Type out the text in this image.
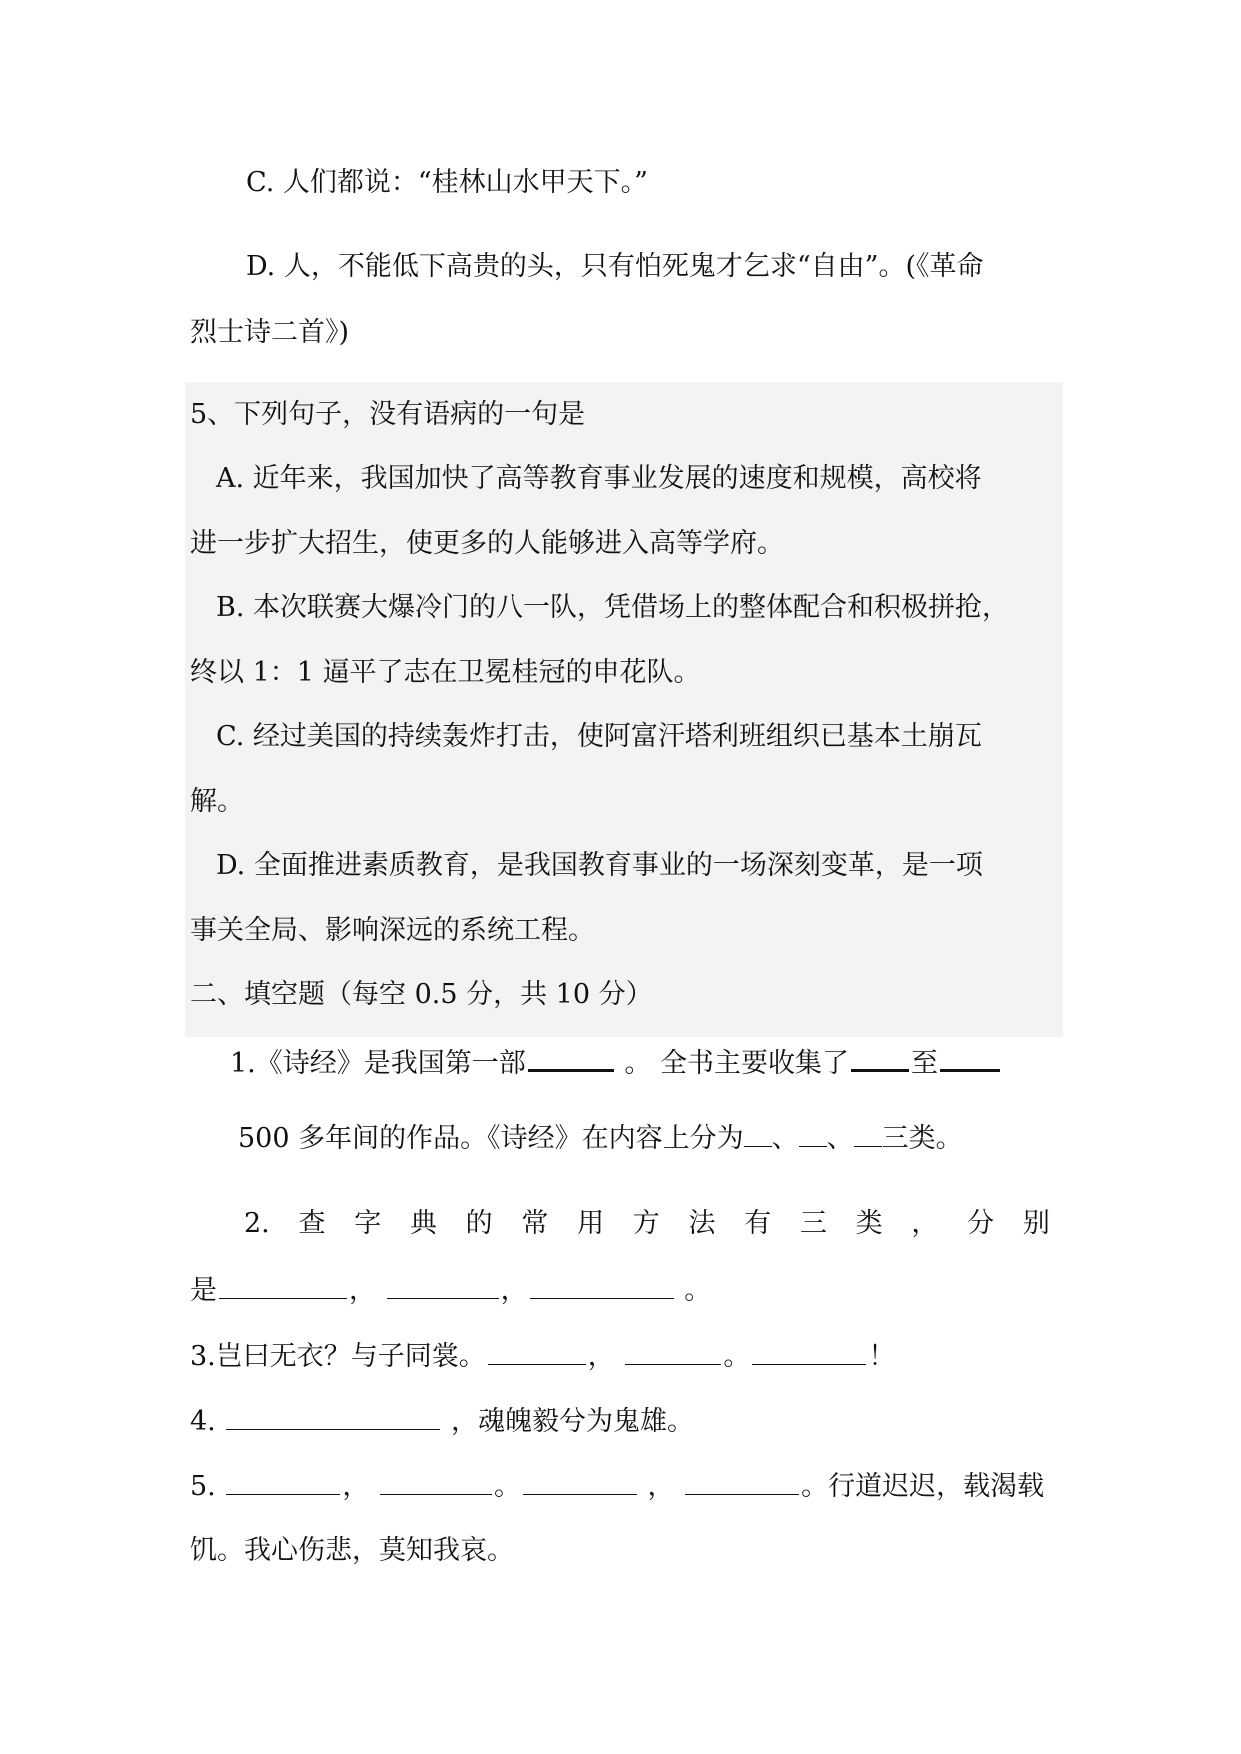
C. 人们都说：“桂林山水甲天下。”
D. 人，不能低下高贵的头，只有怕死鬼才乞求“自由”。(《革命
烈士诗二首》)
5、下列句子，没有语病的一句是
A. 近年来，我国加快了高等教育事业发展的速度和规模，高校将
进一步扩大招生，使更多的人能够进入高等学府。
B. 本次联赛大爆冷门的八一队，凭借场上的整体配合和积极拼抢，
终以 1：1 逼平了志在卫冕桂冠的申花队。
C. 经过美国的持续轰炸打击，使阿富汗塔利班组织已基本土崩瓦
解。
D. 全面推进素质教育，是我国教育事业的一场深刻变革，是一项
事关全局、影响深远的系统工程。
二、填空题（每空 0.5 分，共 10 分）
1.《诗经》是我国第一部	。 全书主要收集了 至
500 多年间的作品。《诗经》在内容上分为 、 、 三类。
2. 查 字 典 的 常 用 方 法 有 三 类 ， 分 别
是	，	，	。
3.岂曰无衣？与子同裳。	，	。	！
4.	，魂魄毅兮为鬼雄。
5.	，	。	，	。行道迟迟，载渴载
饥。我心伤悲，莫知我哀。
